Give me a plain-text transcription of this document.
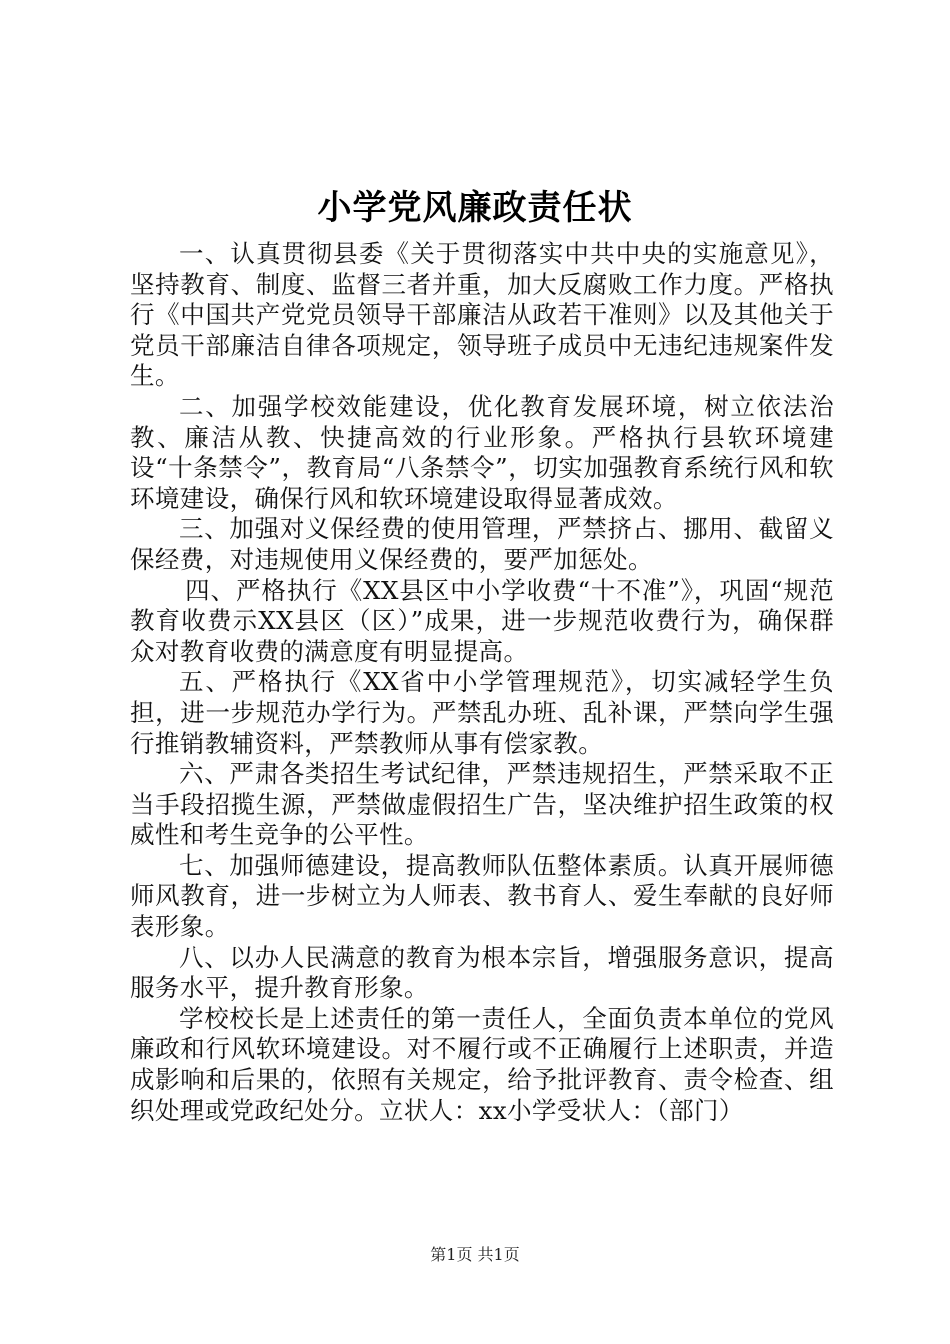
小学党风廉政责任状

一、认真贯彻县委《关于贯彻落实中共中央的实施意见》，坚持教育、制度、监督三者并重，加大反腐败工作力度。严格执行《中国共产党党员领导干部廉洁从政若干准则》以及其他关于党员干部廉洁自律各项规定，领导班子成员中无违纪违规案件发生。

二、加强学校效能建设，优化教育发展环境，树立依法治教、廉洁从教、快捷高效的行业形象。严格执行县软环境建设“十条禁令”，教育局“八条禁令”，切实加强教育系统行风和软环境建设，确保行风和软环境建设取得显著成效。

三、加强对义保经费的使用管理，严禁挤占、挪用、截留义保经费，对违规使用义保经费的，要严加惩处。

四、严格执行《XX县区中小学收费“十不准”》，巩固“规范教育收费示XX县区（区）”成果，进一步规范收费行为，确保群众对教育收费的满意度有明显提高。

五、严格执行《XX省中小学管理规范》，切实减轻学生负担，进一步规范办学行为。严禁乱办班、乱补课，严禁向学生强行推销教辅资料，严禁教师从事有偿家教。

六、严肃各类招生考试纪律，严禁违规招生，严禁采取不正当手段招揽生源，严禁做虚假招生广告，坚决维护招生政策的权威性和考生竞争的公平性。

七、加强师德建设，提高教师队伍整体素质。认真开展师德师风教育，进一步树立为人师表、教书育人、爱生奉献的良好师表形象。

八、以办人民满意的教育为根本宗旨，增强服务意识，提高服务水平，提升教育形象。

学校校长是上述责任的第一责任人，全面负责本单位的党风廉政和行风软环境建设。对不履行或不正确履行上述职责，并造成影响和后果的，依照有关规定，给予批评教育、责令检查、组织处理或党政纪处分。立状人：xx小学受状人：（部门）

第1页 共1页
